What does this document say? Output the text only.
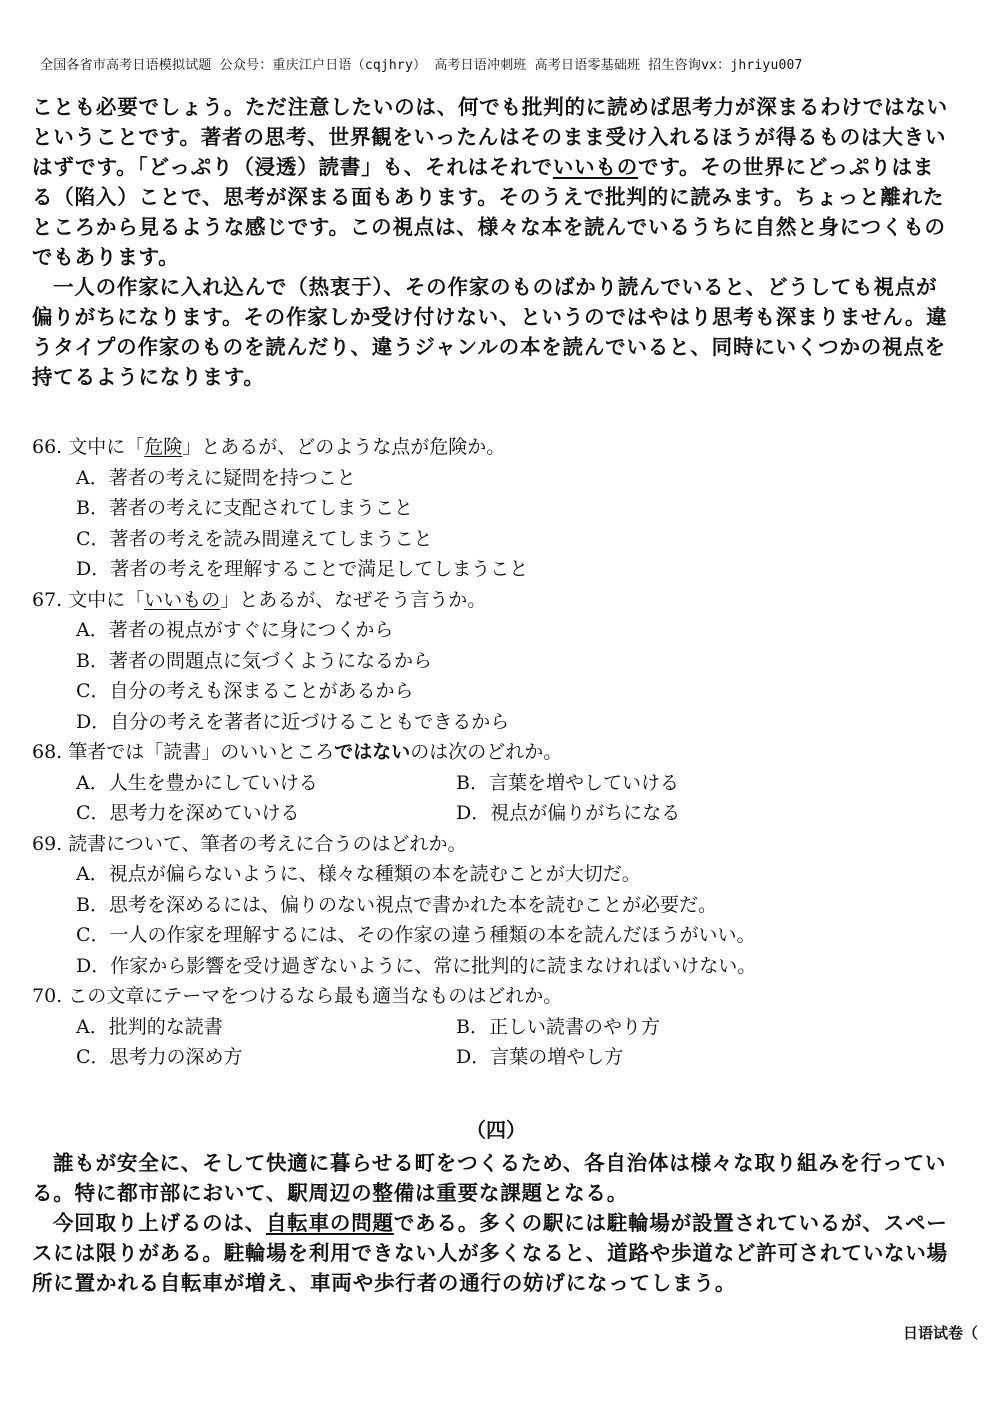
全国各省市高考日语模拟试题 公众号：重庆江户日语（cqjhry） 高考日语冲刺班 高考日语零基础班 招生咨询vx：jhriyu007

ことも必要でしょう。ただ注意したいのは、何でも批判的に読めば思考力が深まるわけではないということです。著者の思考、世界観をいったんはそのまま受け入れるほうが得るものは大きいはずです。「どっぷり（浸透）読書」も、それはそれでいいものです。その世界にどっぷりはまる（陷入）ことで、思考が深まる面もあります。そのうえで批判的に読みます。ちょっと離れたところから見るような感じです。この視点は、様々な本を読んでいるうちに自然と身につくものでもあります。

一人の作家に入れ込んで（热衷于）、その作家のものばかり読んでいると、どうしても視点が偏りがちになります。その作家しか受け付けない、というのではやはり思考も深まりません。違うタイプの作家のものを読んだり、違うジャンルの本を読んでいると、同時にいくつかの視点を持てるようになります。

66. 文中に「危険」とあるが、どのような点が危険か。
A．著者の考えに疑問を持つこと
B．著者の考えに支配されてしまうこと
C．著者の考えを読み間違えてしまうこと
D．著者の考えを理解することで満足してしまうこと
67. 文中に「いいもの」とあるが、なぜそう言うか。
A．著者の視点がすぐに身につくから
B．著者の問題点に気づくようになるから
C．自分の考えも深まることがあるから
D．自分の考えを著者に近づけることもできるから
68. 筆者では「読書」のいいところではないのは次のどれか。
A．人生を豊かにしていける	B．言葉を増やしていける
C．思考力を深めていける	D．視点が偏りがちになる
69. 読書について、筆者の考えに合うのはどれか。
A．視点が偏らないように、様々な種類の本を読むことが大切だ。
B．思考を深めるには、偏りのない視点で書かれた本を読むことが必要だ。
C．一人の作家を理解するには、その作家の違う種類の本を読んだほうがいい。
D．作家から影響を受け過ぎないように、常に批判的に読まなければいけない。
70. この文章にテーマをつけるなら最も適当なものはどれか。
A．批判的な読書	B．正しい読書のやり方
C．思考力の深め方	D．言葉の増やし方
（四）

誰もが安全に、そして快適に暮らせる町をつくるため、各自治体は様々な取り組みを行っている。特に都市部において、駅周辺の整備は重要な課題となる。

今回取り上げるのは、自転車の問題である。多くの駅には駐輪場が設置されているが、スペースには限りがある。駐輪場を利用できない人が多くなると、道路や歩道など許可されていない場所に置かれる自転車が増え、車両や歩行者の通行の妨げになってしまう。

日语试卷（
